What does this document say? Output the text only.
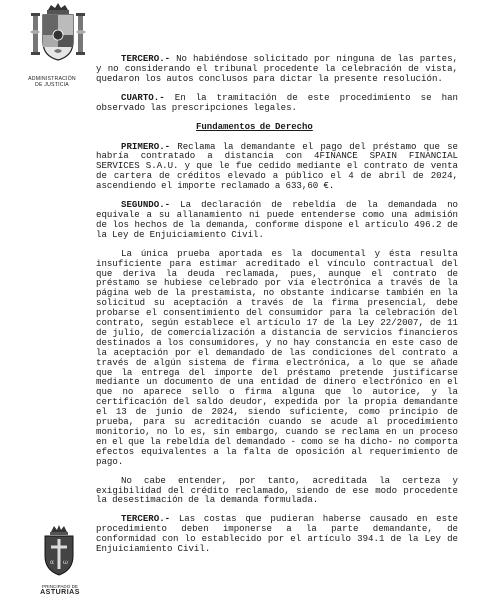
ADMINISTRACIÓN
DE JUSTICIA
α ω
PRINCIPADO DE
ASTURIAS

TERCERO.- No habiéndose solicitado por ninguna de las partes, y no considerando el tribunal procedente la celebración de vista, quedaron los autos conclusos para dictar la presente resolución.

CUARTO.- En la tramitación de este procedimiento se han observado las prescripciones legales.

Fundamentos de Derecho

PRIMERO.- Reclama la demandante el pago del préstamo que se habría contratado a distancia con 4FINANCE SPAIN FINANCIAL SERVICES S.A.U. y que le fue cedido mediante el contrato de venta de cartera de créditos elevado a público el 4 de abril de 2024, ascendiendo el importe reclamado a 633,60 €.

SEGUNDO.- La declaración de rebeldía de la demandada no equivale a su allanamiento ni puede entenderse como una admisión de los hechos de la demanda, conforme dispone el artículo 496.2 de la Ley de Enjuiciamiento Civil.

La única prueba aportada es la documental y ésta resulta insuficiente para estimar acreditado el vínculo contractual del que deriva la deuda reclamada, pues, aunque el contrato de préstamo se hubiese celebrado por vía electrónica a través de la página web de la prestamista, no obstante indicarse también en la solicitud su aceptación a través de la firma presencial, debe probarse el consentimiento del consumidor para la celebración del contrato, según establece el artículo 17 de la Ley 22/2007, de 11 de julio, de comercialización a distancia de servicios financieros destinados a los consumidores, y no hay constancia en este caso de la aceptación por el demandado de las condiciones del contrato a través de algún sistema de firma electrónica, a lo que se añade que la entrega del importe del préstamo pretende justificarse mediante un documento de una entidad de dinero electrónico en el que no aparece sello o firma alguna que lo autorice, y la certificación del saldo deudor, expedida por la propia demandante el 13 de junio de 2024, siendo suficiente, como principio de prueba, para su acreditación cuando se acude al procedimiento monitorio, no lo es, sin embargo, cuando se reclama en un proceso en el que la rebeldía del demandado - como se ha dicho- no comporta efectos equivalentes a la falta de oposición al requerimiento de pago.

No cabe entender, por tanto, acreditada la certeza y exigibilidad del crédito reclamado, siendo de ese modo procedente la desestimación de la demanda formulada.

TERCERO.- Las costas que pudieran haberse causado en este procedimiento deben imponerse a la parte demandante, de conformidad con lo establecido por el artículo 394.1 de la Ley de Enjuiciamiento Civil.
